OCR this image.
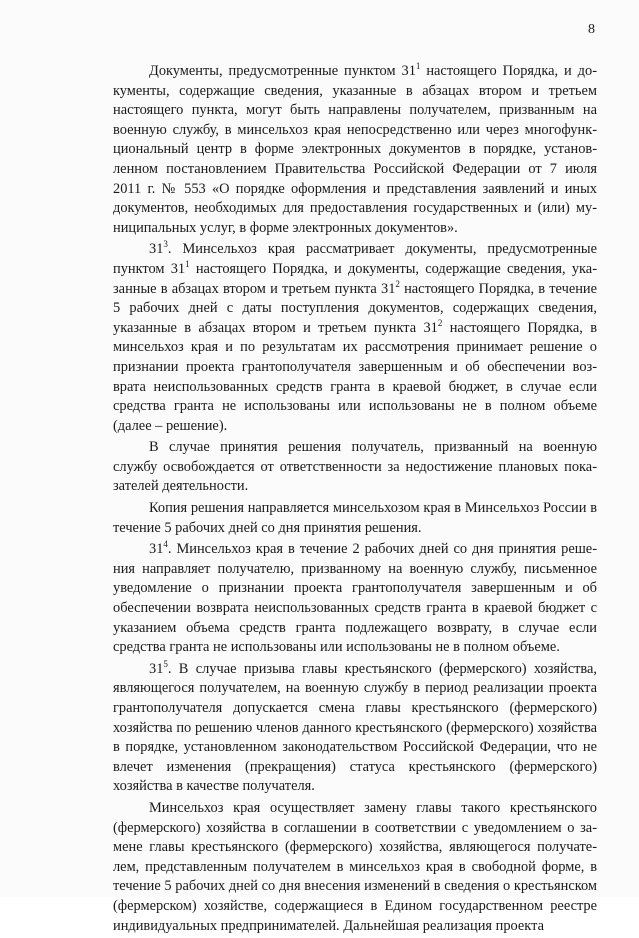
8

Документы, предусмотренные пунктом $31^1$ настоящего Порядка, и документы, содержащие сведения, указанные в абзацах втором и третьем настоящего пункта, могут быть направлены получателем, призванным на военную службу, в минсельхоз края непосредственно или через многофункциональный центр в форме электронных документов в порядке, установленном постановлением Правительства Российской Федерации от 7 июля 2011 г. № 553 «О порядке оформления и представления заявлений и иных документов, необходимых для предоставления государственных и (или) муниципальных услуг, в форме электронных документов».

$31^3$. Минсельхоз края рассматривает документы, предусмотренные пунктом $31^1$ настоящего Порядка, и документы, содержащие сведения, указанные в абзацах втором и третьем пункта $31^2$ настоящего Порядка, в течение 5 рабочих дней с даты поступления документов, содержащих сведения, указанные в абзацах втором и третьем пункта $31^2$ настоящего Порядка, в минсельхоз края и по результатам их рассмотрения принимает решение о признании проекта грантополучателя завершенным и об обеспечении возврата неиспользованных средств гранта в краевой бюджет, в случае если средства гранта не использованы или использованы не в полном объеме (далее – решение).

В случае принятия решения получатель, призванный на военную службу освобождается от ответственности за недостижение плановых показателей деятельности.

Копия решения направляется минсельхозом края в Минсельхоз России в течение 5 рабочих дней со дня принятия решения.

$31^4$. Минсельхоз края в течение 2 рабочих дней со дня принятия решения направляет получателю, призванному на военную службу, письменное уведомление о признании проекта грантополучателя завершенным и об обеспечении возврата неиспользованных средств гранта в краевой бюджет с указанием объема средств гранта подлежащего возврату, в случае если средства гранта не использованы или использованы не в полном объеме.

$31^5$. В случае призыва главы крестьянского (фермерского) хозяйства, являющегося получателем, на военную службу в период реализации проекта грантополучателя допускается смена главы крестьянского (фермерского) хозяйства по решению членов данного крестьянского (фермерского) хозяйства в порядке, установленном законодательством Российской Федерации, что не влечет изменения (прекращения) статуса крестьянского (фермерского) хозяйства в качестве получателя.

Минсельхоз края осуществляет замену главы такого крестьянского (фермерского) хозяйства в соглашении в соответствии с уведомлением о замене главы крестьянского (фермерского) хозяйства, являющегося получателем, представленным получателем в минсельхоз края в свободной форме, в течение 5 рабочих дней со дня внесения изменений в сведения о крестьянском (фермерском) хозяйстве, содержащиеся в Едином государственном реестре индивидуальных предпринимателей. Дальнейшая реализация проекта
